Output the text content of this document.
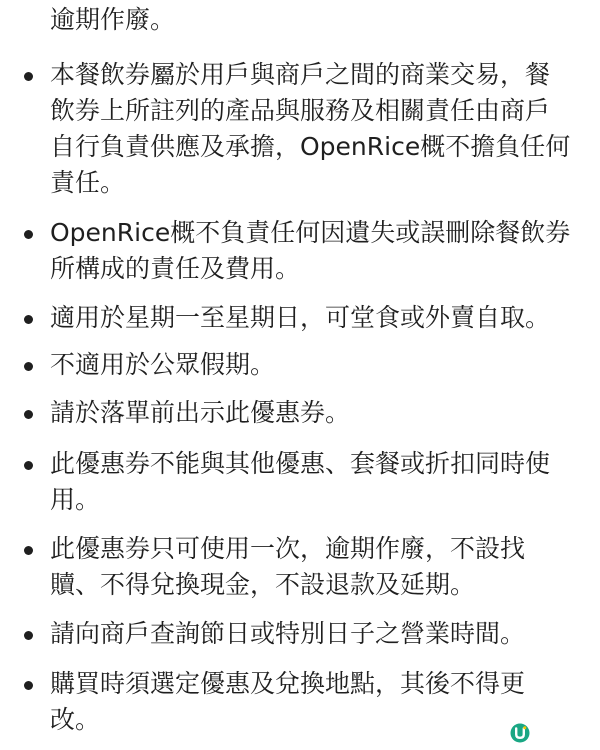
逾期作廢。
本餐飲券屬於用戶與商戶之間的商業交易，餐
飲券上所註列的產品與服務及相關責任由商戶
自行負責供應及承擔，OpenRice概不擔負任何
責任。
OpenRice概不負責任何因遺失或誤刪除餐飲券
所構成的責任及費用。
適用於星期一至星期日，可堂食或外賣自取。
不適用於公眾假期。
請於落單前出示此優惠券。
此優惠券不能與其他優惠、套餐或折扣同時使
用。
此優惠券只可使用一次，逾期作廢，不設找
贖、不得兌換現金，不設退款及延期。
請向商戶查詢節日或特別日子之營業時間。
購買時須選定優惠及兌換地點，其後不得更
改。
